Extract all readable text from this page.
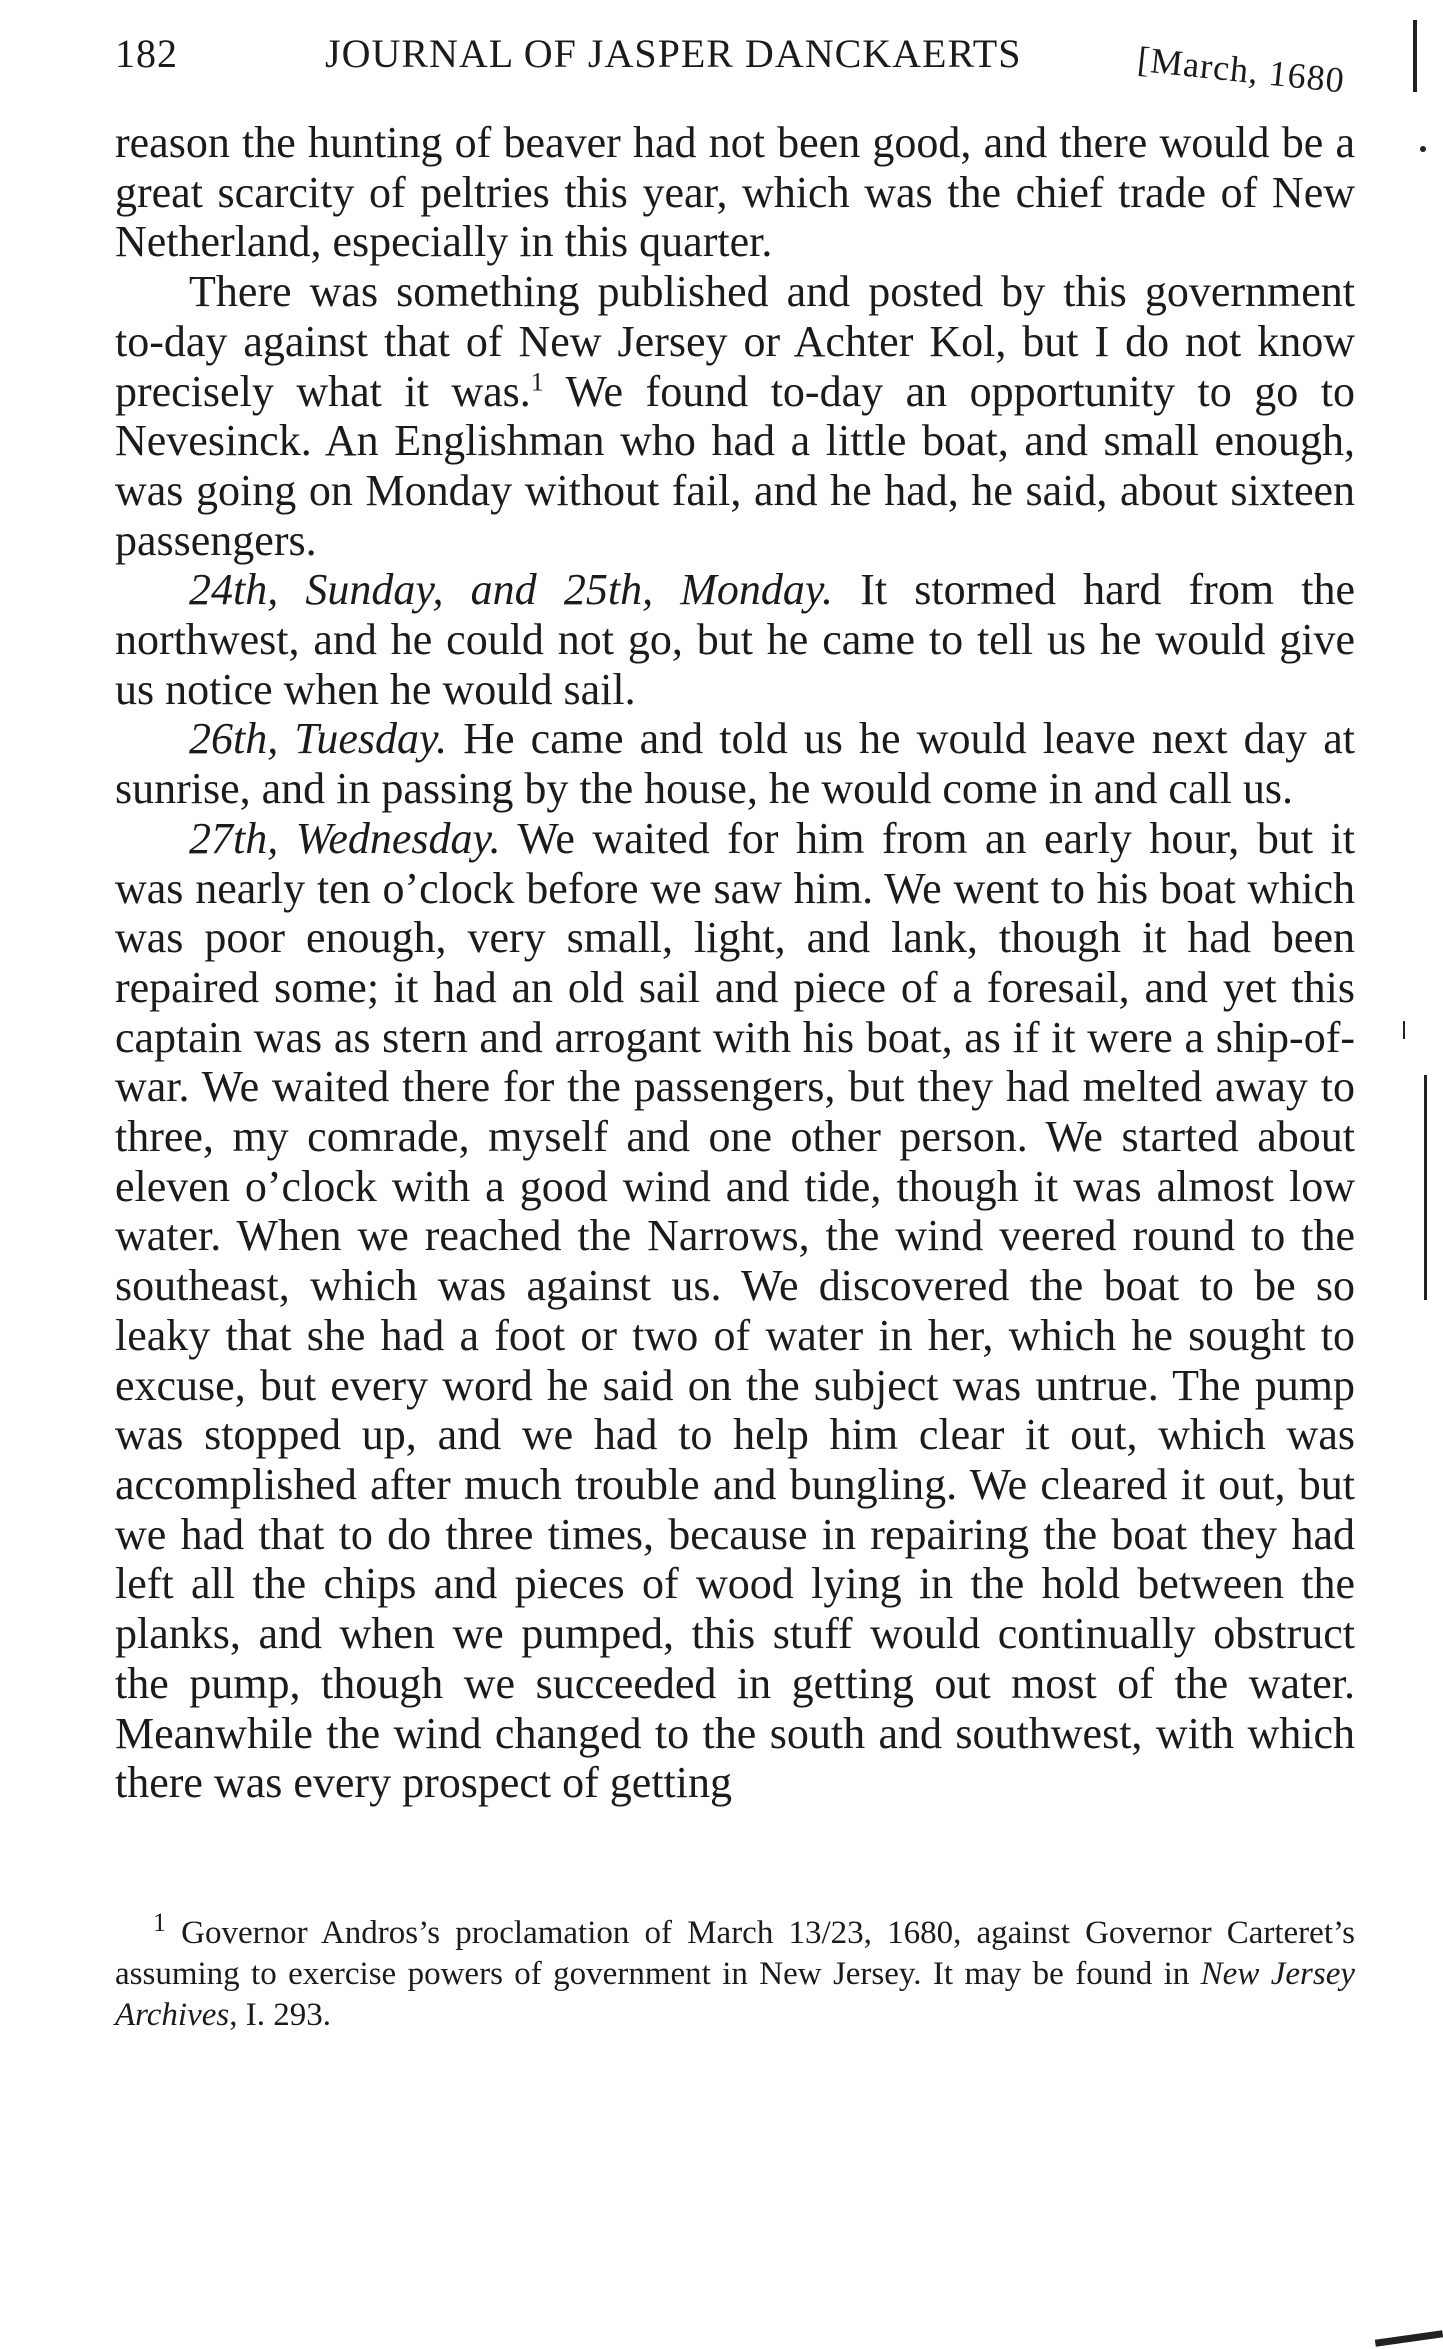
182	JOURNAL OF JASPER DANCKAERTS	[March, 1680

reason the hunting of beaver had not been good, and there would be a great scarcity of peltries this year, which was the chief trade of New Netherland, especially in this quarter.

There was something published and posted by this government to-day against that of New Jersey or Achter Kol, but I do not know precisely what it was.$^1$ We found to-day an opportunity to go to Nevesinck. An Englishman who had a little boat, and small enough, was going on Monday without fail, and he had, he said, about sixteen passengers.

24th, Sunday, and 25th, Monday. It stormed hard from the northwest, and he could not go, but he came to tell us he would give us notice when he would sail.

26th, Tuesday. He came and told us he would leave next day at sunrise, and in passing by the house, he would come in and call us.

27th, Wednesday. We waited for him from an early hour, but it was nearly ten o’clock before we saw him. We went to his boat which was poor enough, very small, light, and lank, though it had been repaired some; it had an old sail and piece of a foresail, and yet this captain was as stern and arrogant with his boat, as if it were a ship-of-war. We waited there for the passengers, but they had melted away to three, my comrade, myself and one other person. We started about eleven o’clock with a good wind and tide, though it was almost low water. When we reached the Narrows, the wind veered round to the southeast, which was against us. We discovered the boat to be so leaky that she had a foot or two of water in her, which he sought to excuse, but every word he said on the subject was untrue. The pump was stopped up, and we had to help him clear it out, which was accomplished after much trouble and bungling. We cleared it out, but we had that to do three times, because in repairing the boat they had left all the chips and pieces of wood lying in the hold between the planks, and when we pumped, this stuff would continually obstruct the pump, though we succeeded in getting out most of the water. Meanwhile the wind changed to the south and southwest, with which there was every prospect of getting

$^1$ Governor Andros’s proclamation of March 13/23, 1680, against Governor Carteret’s assuming to exercise powers of government in New Jersey. It may be found in New Jersey Archives, I. 293.
